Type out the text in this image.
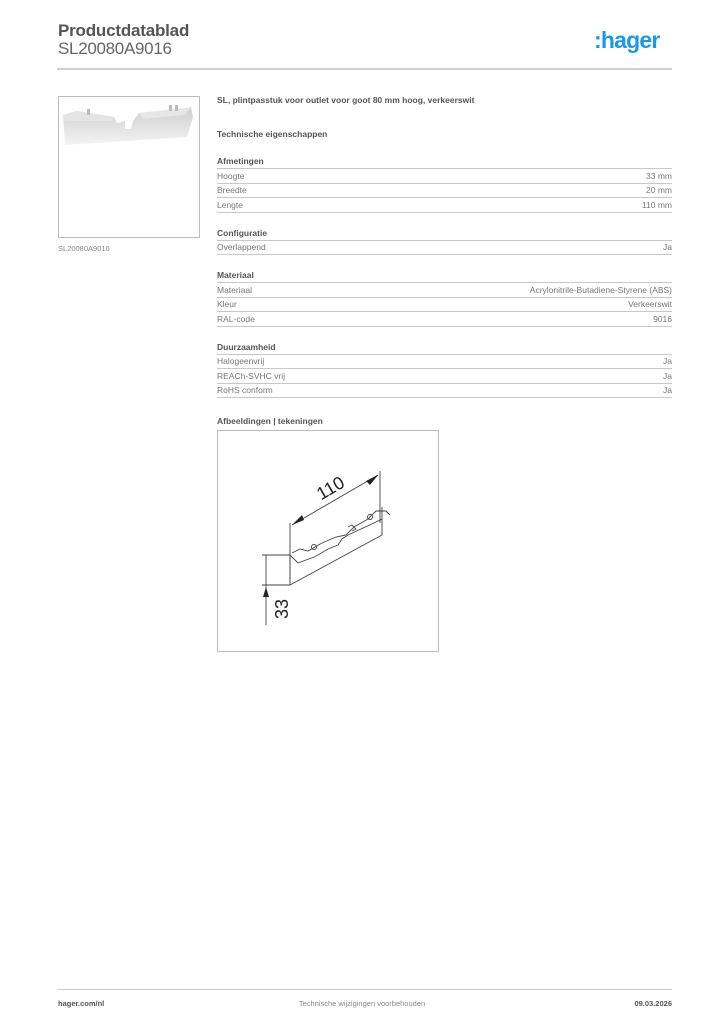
Productdatablad
SL20080A9016	:hager
SL20080A9016
SL, plintpasstuk voor outlet voor goot 80 mm hoog, verkeerswit
Technische eigenschappen
Afmetingen
Hoogte	33 mm
Breedte	20 mm
Lengte	110 mm
Configuratie
Overlappend	Ja
Materiaal
Materiaal	Acrylonitrile-Butadiene-Styrene (ABS)
Kleur	Verkeerswit
RAL-code	9016
Duurzaamheid
Halogeenvrij	Ja
REACh-SVHC vrij	Ja
RoHS conform	Ja
Afbeeldingen | tekeningen
110
33
hager.com/nl	Technische wijzigingen voorbehouden	09.03.2026
